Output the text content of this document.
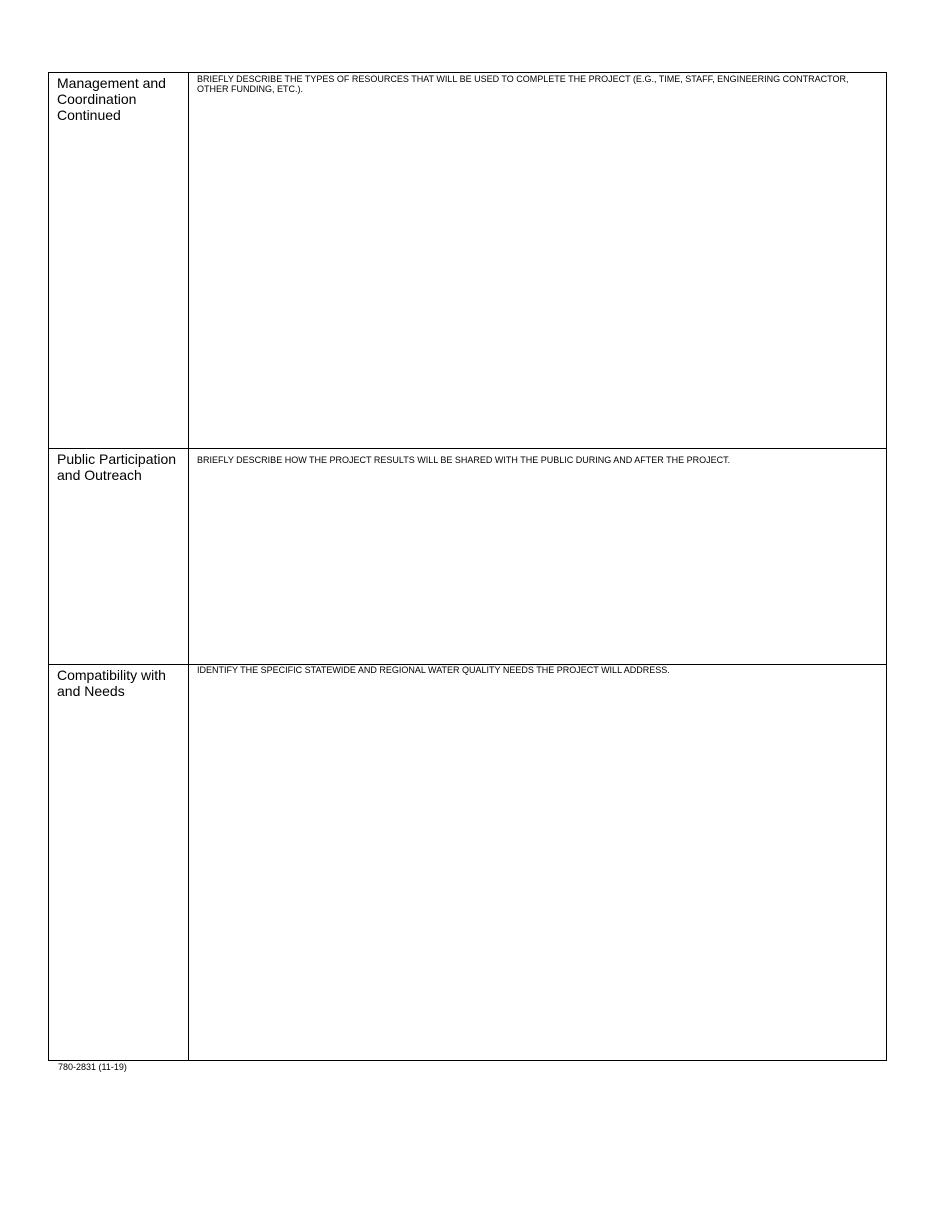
Management and
Coordination
Continued
BRIEFLY DESCRIBE THE TYPES OF RESOURCES THAT WILL BE USED TO COMPLETE THE PROJECT (E.G., TIME, STAFF, ENGINEERING CONTRACTOR, OTHER FUNDING, ETC.).
Public Participation
and Outreach
BRIEFLY DESCRIBE HOW THE PROJECT RESULTS WILL BE SHARED WITH THE PUBLIC DURING AND AFTER THE PROJECT.
Compatibility with
and Needs
IDENTIFY THE SPECIFIC STATEWIDE AND REGIONAL WATER QUALITY NEEDS THE PROJECT WILL ADDRESS.
780-2831 (11-19)
